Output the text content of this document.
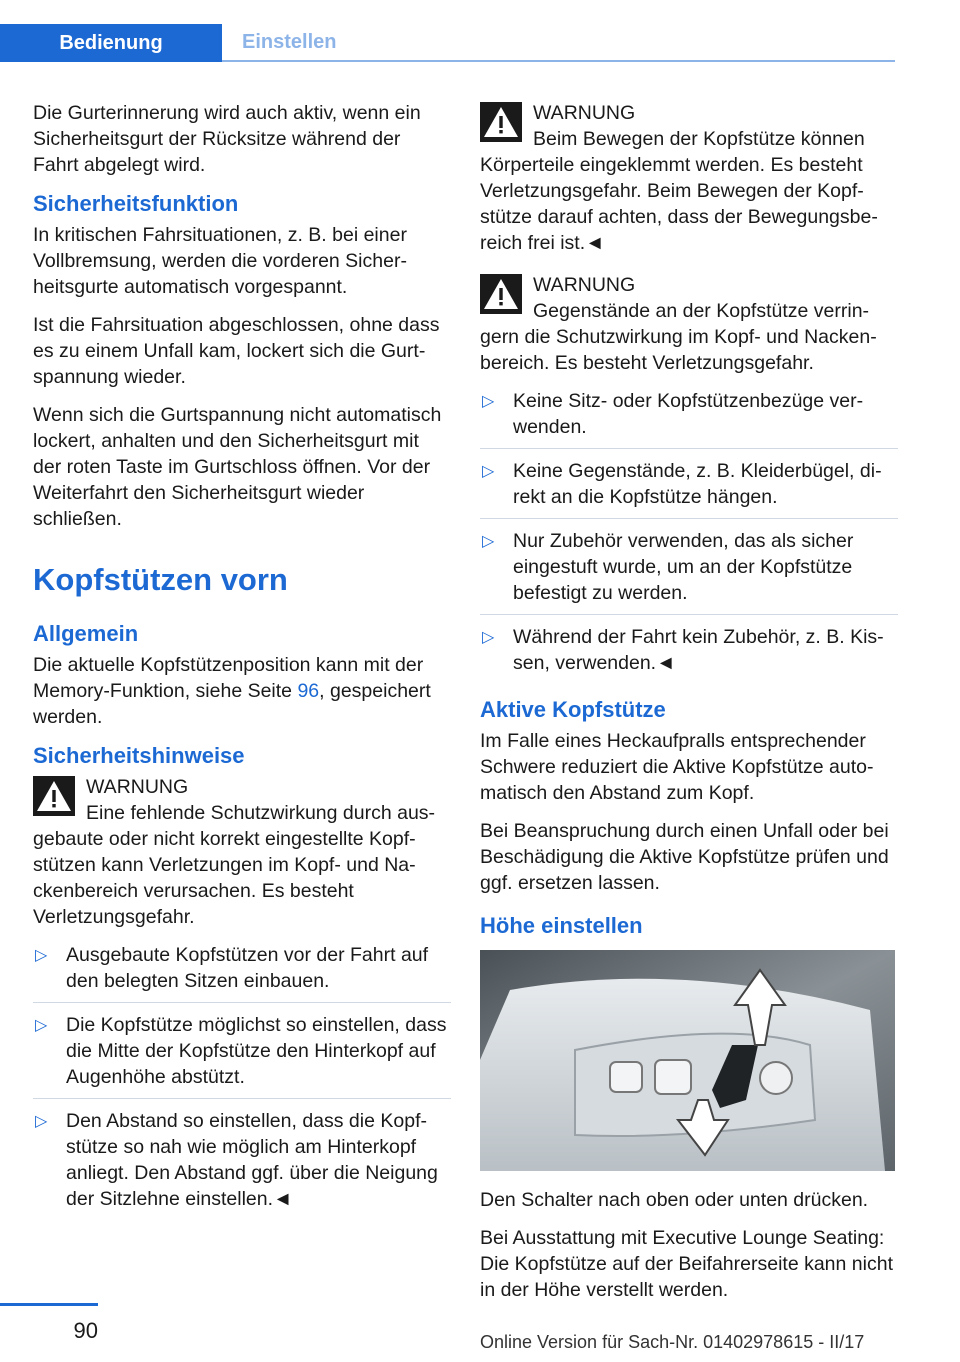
Bedienung	Einstellen

Die Gurterinnerung wird auch aktiv, wenn ein Sicherheitsgurt der Rücksitze während der Fahrt abgelegt wird.

Sicherheitsfunktion

In kritischen Fahrsituationen, z. B. bei einer Vollbremsung, werden die vorderen Sicherheitsgurte automatisch vorgespannt.

Ist die Fahrsituation abgeschlossen, ohne dass es zu einem Unfall kam, lockert sich die Gurtspannung wieder.

Wenn sich die Gurtspannung nicht automatisch lockert, anhalten und den Sicherheitsgurt mit der roten Taste im Gurtschloss öffnen. Vor der Weiterfahrt den Sicherheitsgurt wieder schließen.

Kopfstützen vorn
Allgemein

Die aktuelle Kopfstützenposition kann mit der Memory-Funktion, siehe Seite 96, gespeichert werden.

Sicherheitshinweise
WARNUNG
Eine fehlende Schutzwirkung durch ausgebaute oder nicht korrekt eingestellte Kopfstützen kann Verletzungen im Kopf- und Nackenbereich verursachen. Es besteht Verletzungsgefahr.
▷ Ausgebaute Kopfstützen vor der Fahrt auf den belegten Sitzen einbauen.
▷ Die Kopfstütze möglichst so einstellen, dass die Mitte der Kopfstütze den Hinterkopf auf Augenhöhe abstützt.
▷ Den Abstand so einstellen, dass die Kopfstütze so nah wie möglich am Hinterkopf anliegt. Den Abstand ggf. über die Neigung der Sitzlehne einstellen.◄
WARNUNG
Beim Bewegen der Kopfstütze können Körperteile eingeklemmt werden. Es besteht Verletzungsgefahr. Beim Bewegen der Kopfstütze darauf achten, dass der Bewegungsbereich frei ist.◄
WARNUNG
Gegenstände an der Kopfstütze verringern die Schutzwirkung im Kopf- und Nackenbereich. Es besteht Verletzungsgefahr.
▷ Keine Sitz- oder Kopfstützenbezüge verwenden.
▷ Keine Gegenstände, z. B. Kleiderbügel, direkt an die Kopfstütze hängen.
▷ Nur Zubehör verwenden, das als sicher eingestuft wurde, um an der Kopfstütze befestigt zu werden.
▷ Während der Fahrt kein Zubehör, z. B. Kissen, verwenden.◄
Aktive Kopfstütze

Im Falle eines Heckaufpralls entsprechender Schwere reduziert die Aktive Kopfstütze automatisch den Abstand zum Kopf.

Bei Beanspruchung durch einen Unfall oder bei Beschädigung die Aktive Kopfstütze prüfen und ggf. ersetzen lassen.

Höhe einstellen

Den Schalter nach oben oder unten drücken.

Bei Ausstattung mit Executive Lounge Seating: Die Kopfstütze auf der Beifahrerseite kann nicht in der Höhe verstellt werden.

90	Online Version für Sach-Nr. 01402978615 - II/17
